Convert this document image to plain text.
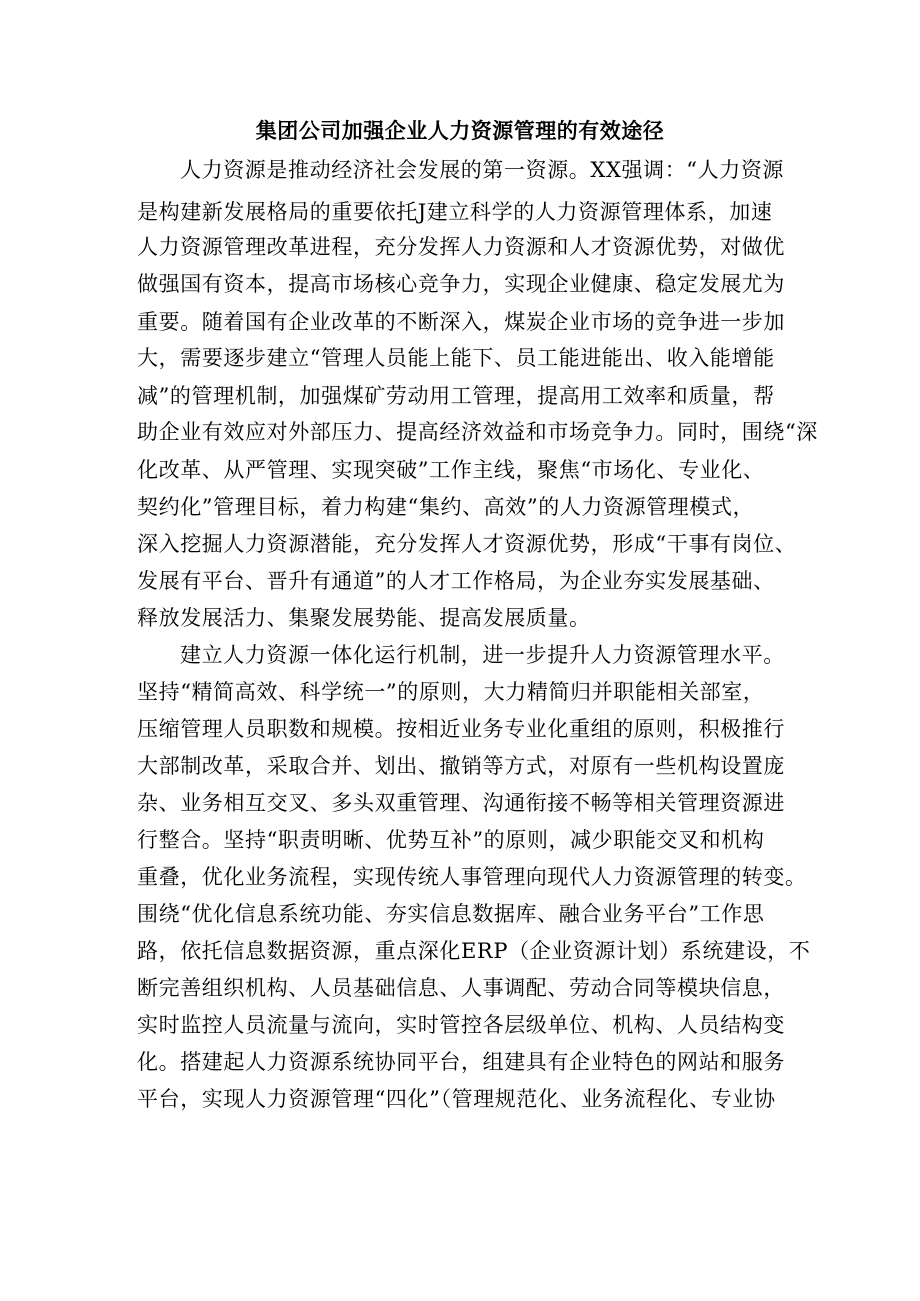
集团公司加强企业人力资源管理的有效途径
人力资源是推动经济社会发展的第一资源。XX强调：“人力资源
是构建新发展格局的重要依托J建立科学的人力资源管理体系，加速
人力资源管理改革进程，充分发挥人力资源和人才资源优势，对做优
做强国有资本，提高市场核心竞争力，实现企业健康、稳定发展尤为
重要。随着国有企业改革的不断深入，煤炭企业市场的竞争进一步加
大，需要逐步建立“管理人员能上能下、员工能进能出、收入能增能
减”的管理机制，加强煤矿劳动用工管理，提高用工效率和质量，帮
助企业有效应对外部压力、提高经济效益和市场竞争力。同时，围绕“深
化改革、从严管理、实现突破”工作主线，聚焦“市场化、专业化、
契约化”管理目标，着力构建“集约、高效”的人力资源管理模式，
深入挖掘人力资源潜能，充分发挥人才资源优势，形成“干事有岗位、
发展有平台、晋升有通道”的人才工作格局，为企业夯实发展基础、
释放发展活力、集聚发展势能、提高发展质量。
建立人力资源一体化运行机制，进一步提升人力资源管理水平。
坚持“精简高效、科学统一”的原则，大力精简归并职能相关部室，
压缩管理人员职数和规模。按相近业务专业化重组的原则，积极推行
大部制改革，采取合并、划出、撤销等方式，对原有一些机构设置庞
杂、业务相互交叉、多头双重管理、沟通衔接不畅等相关管理资源进
行整合。坚持“职责明晰、优势互补”的原则，减少职能交叉和机构
重叠，优化业务流程，实现传统人事管理向现代人力资源管理的转变。
围绕“优化信息系统功能、夯实信息数据库、融合业务平台”工作思
路，依托信息数据资源，重点深化ERP（企业资源计划）系统建设，不
断完善组织机构、人员基础信息、人事调配、劳动合同等模块信息，
实时监控人员流量与流向，实时管控各层级单位、机构、人员结构变
化。搭建起人力资源系统协同平台，组建具有企业特色的网站和服务
平台，实现人力资源管理“四化”（管理规范化、业务流程化、专业协
